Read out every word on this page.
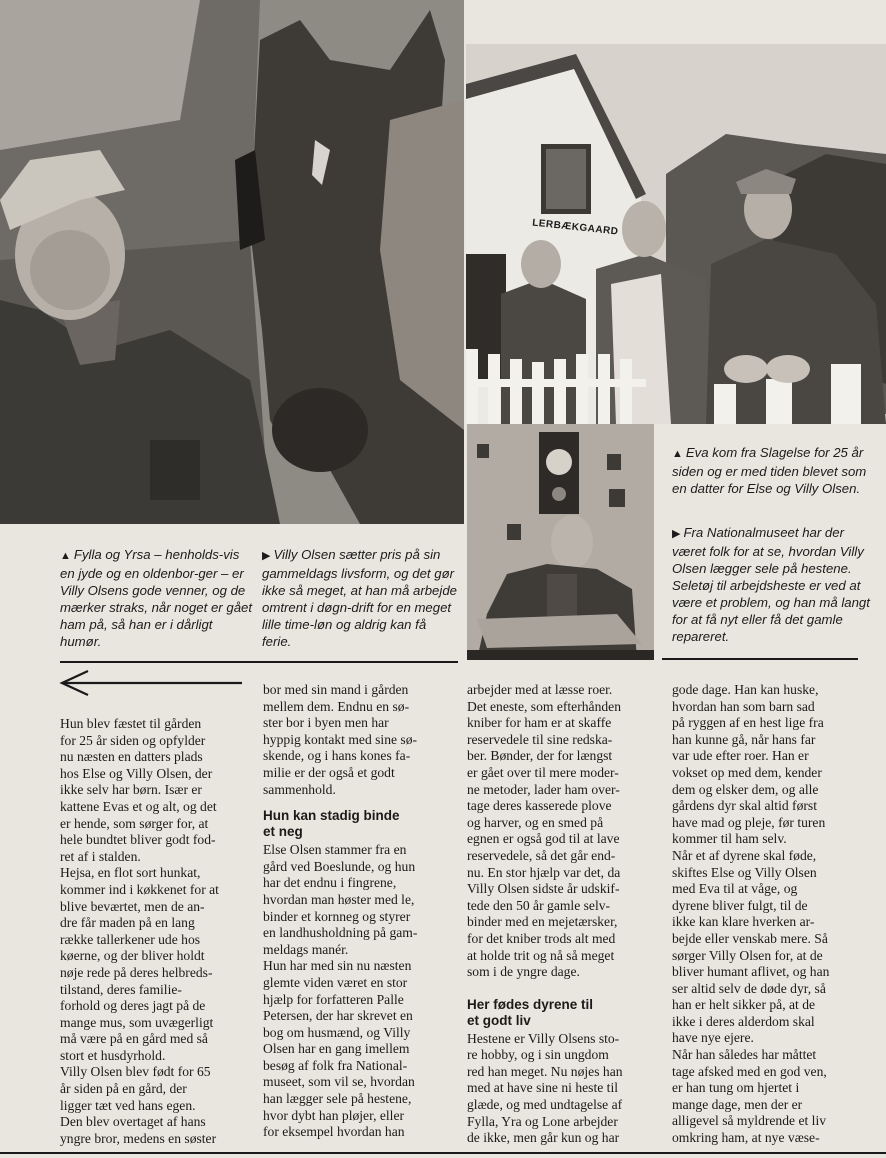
LERBÆKGAARD

▲ Fylla og Yrsa – henholds-vis en jyde og en oldenbor-ger – er Villy Olsens gode venner, og de mærker straks, når noget er gået ham på, så han er i dårligt humør.

▶ Villy Olsen sætter pris på sin gammeldags livsform, og det gør ikke så meget, at han må arbejde omtrent i døgn-drift for en meget lille time-løn og aldrig kan få ferie.

▲ Eva kom fra Slagelse for 25 år siden og er med tiden blevet som en datter for Else og Villy Olsen.

▶ Fra Nationalmuseet har der været folk for at se, hvordan Villy Olsen lægger sele på hestene. Seletøj til arbejdsheste er ved at være et problem, og han må langt for at få nyt eller få det gamle repareret.

Hun blev fæstet til gården
for 25 år siden og opfylder
nu næsten en datters plads
hos Else og Villy Olsen, der
ikke selv har børn. Især er
kattene Evas et og alt, og det
er hende, som sørger for, at
hele bundtet bliver godt fod-
ret af i stalden.

Hejsa, en flot sort hunkat,
kommer ind i køkkenet for at
blive beværtet, men de an-
dre får maden på en lang
række tallerkener ude hos
køerne, og der bliver holdt
nøje rede på deres helbreds-
tilstand, deres familie-
forhold og deres jagt på de
mange mus, som uvægerligt
må være på en gård med så
stort et husdyrhold.

Villy Olsen blev født for 65
år siden på en gård, der
ligger tæt ved hans egen.
Den blev overtaget af hans
yngre bror, medens en søster

bor med sin mand i gården
mellem dem. Endnu en sø-
ster bor i byen men har
hyppig kontakt med sine sø-
skende, og i hans kones fa-
milie er der også et godt
sammenhold.

Hun kan stadig binde
et neg

Else Olsen stammer fra en
gård ved Boeslunde, og hun
har det endnu i fingrene,
hvordan man høster med le,
binder et kornneg og styrer
en landhusholdning på gam-
meldags manér.

Hun har med sin nu næsten
glemte viden været en stor
hjælp for forfatteren Palle
Petersen, der har skrevet en
bog om husmænd, og Villy
Olsen har en gang imellem
besøg af folk fra National-
museet, som vil se, hvordan
han lægger sele på hestene,
hvor dybt han pløjer, eller
for eksempel hvordan han

arbejder med at læsse roer.
Det eneste, som efterhånden
kniber for ham er at skaffe
reservedele til sine redska-
ber. Bønder, der for længst
er gået over til mere moder-
ne metoder, lader ham over-
tage deres kasserede plove
og harver, og en smed på
egnen er også god til at lave
reservedele, så det går end-
nu. En stor hjælp var det, da
Villy Olsen sidste år udskif-
tede den 50 år gamle selv-
binder med en mejetærsker,
for det kniber trods alt med
at holde trit og nå så meget
som i de yngre dage.

Her fødes dyrene til
et godt liv

Hestene er Villy Olsens sto-
re hobby, og i sin ungdom
red han meget. Nu nøjes han
med at have sine ni heste til
glæde, og med undtagelse af
Fylla, Yra og Lone arbejder
de ikke, men går kun og har

gode dage. Han kan huske,
hvordan han som barn sad
på ryggen af en hest lige fra
han kunne gå, når hans far
var ude efter roer. Han er
vokset op med dem, kender
dem og elsker dem, og alle
gårdens dyr skal altid først
have mad og pleje, før turen
kommer til ham selv.

Når et af dyrene skal føde,
skiftes Else og Villy Olsen
med Eva til at våge, og
dyrene bliver fulgt, til de
ikke kan klare hverken ar-
bejde eller venskab mere. Så
sørger Villy Olsen for, at de
bliver humant aflivet, og han
ser altid selv de døde dyr, så
han er helt sikker på, at de
ikke i deres alderdom skal
have nye ejere.

Når han således har måttet
tage afsked med en god ven,
er han tung om hjertet i
mange dage, men der er
alligevel så myldrende et liv
omkring ham, at nye væse-
